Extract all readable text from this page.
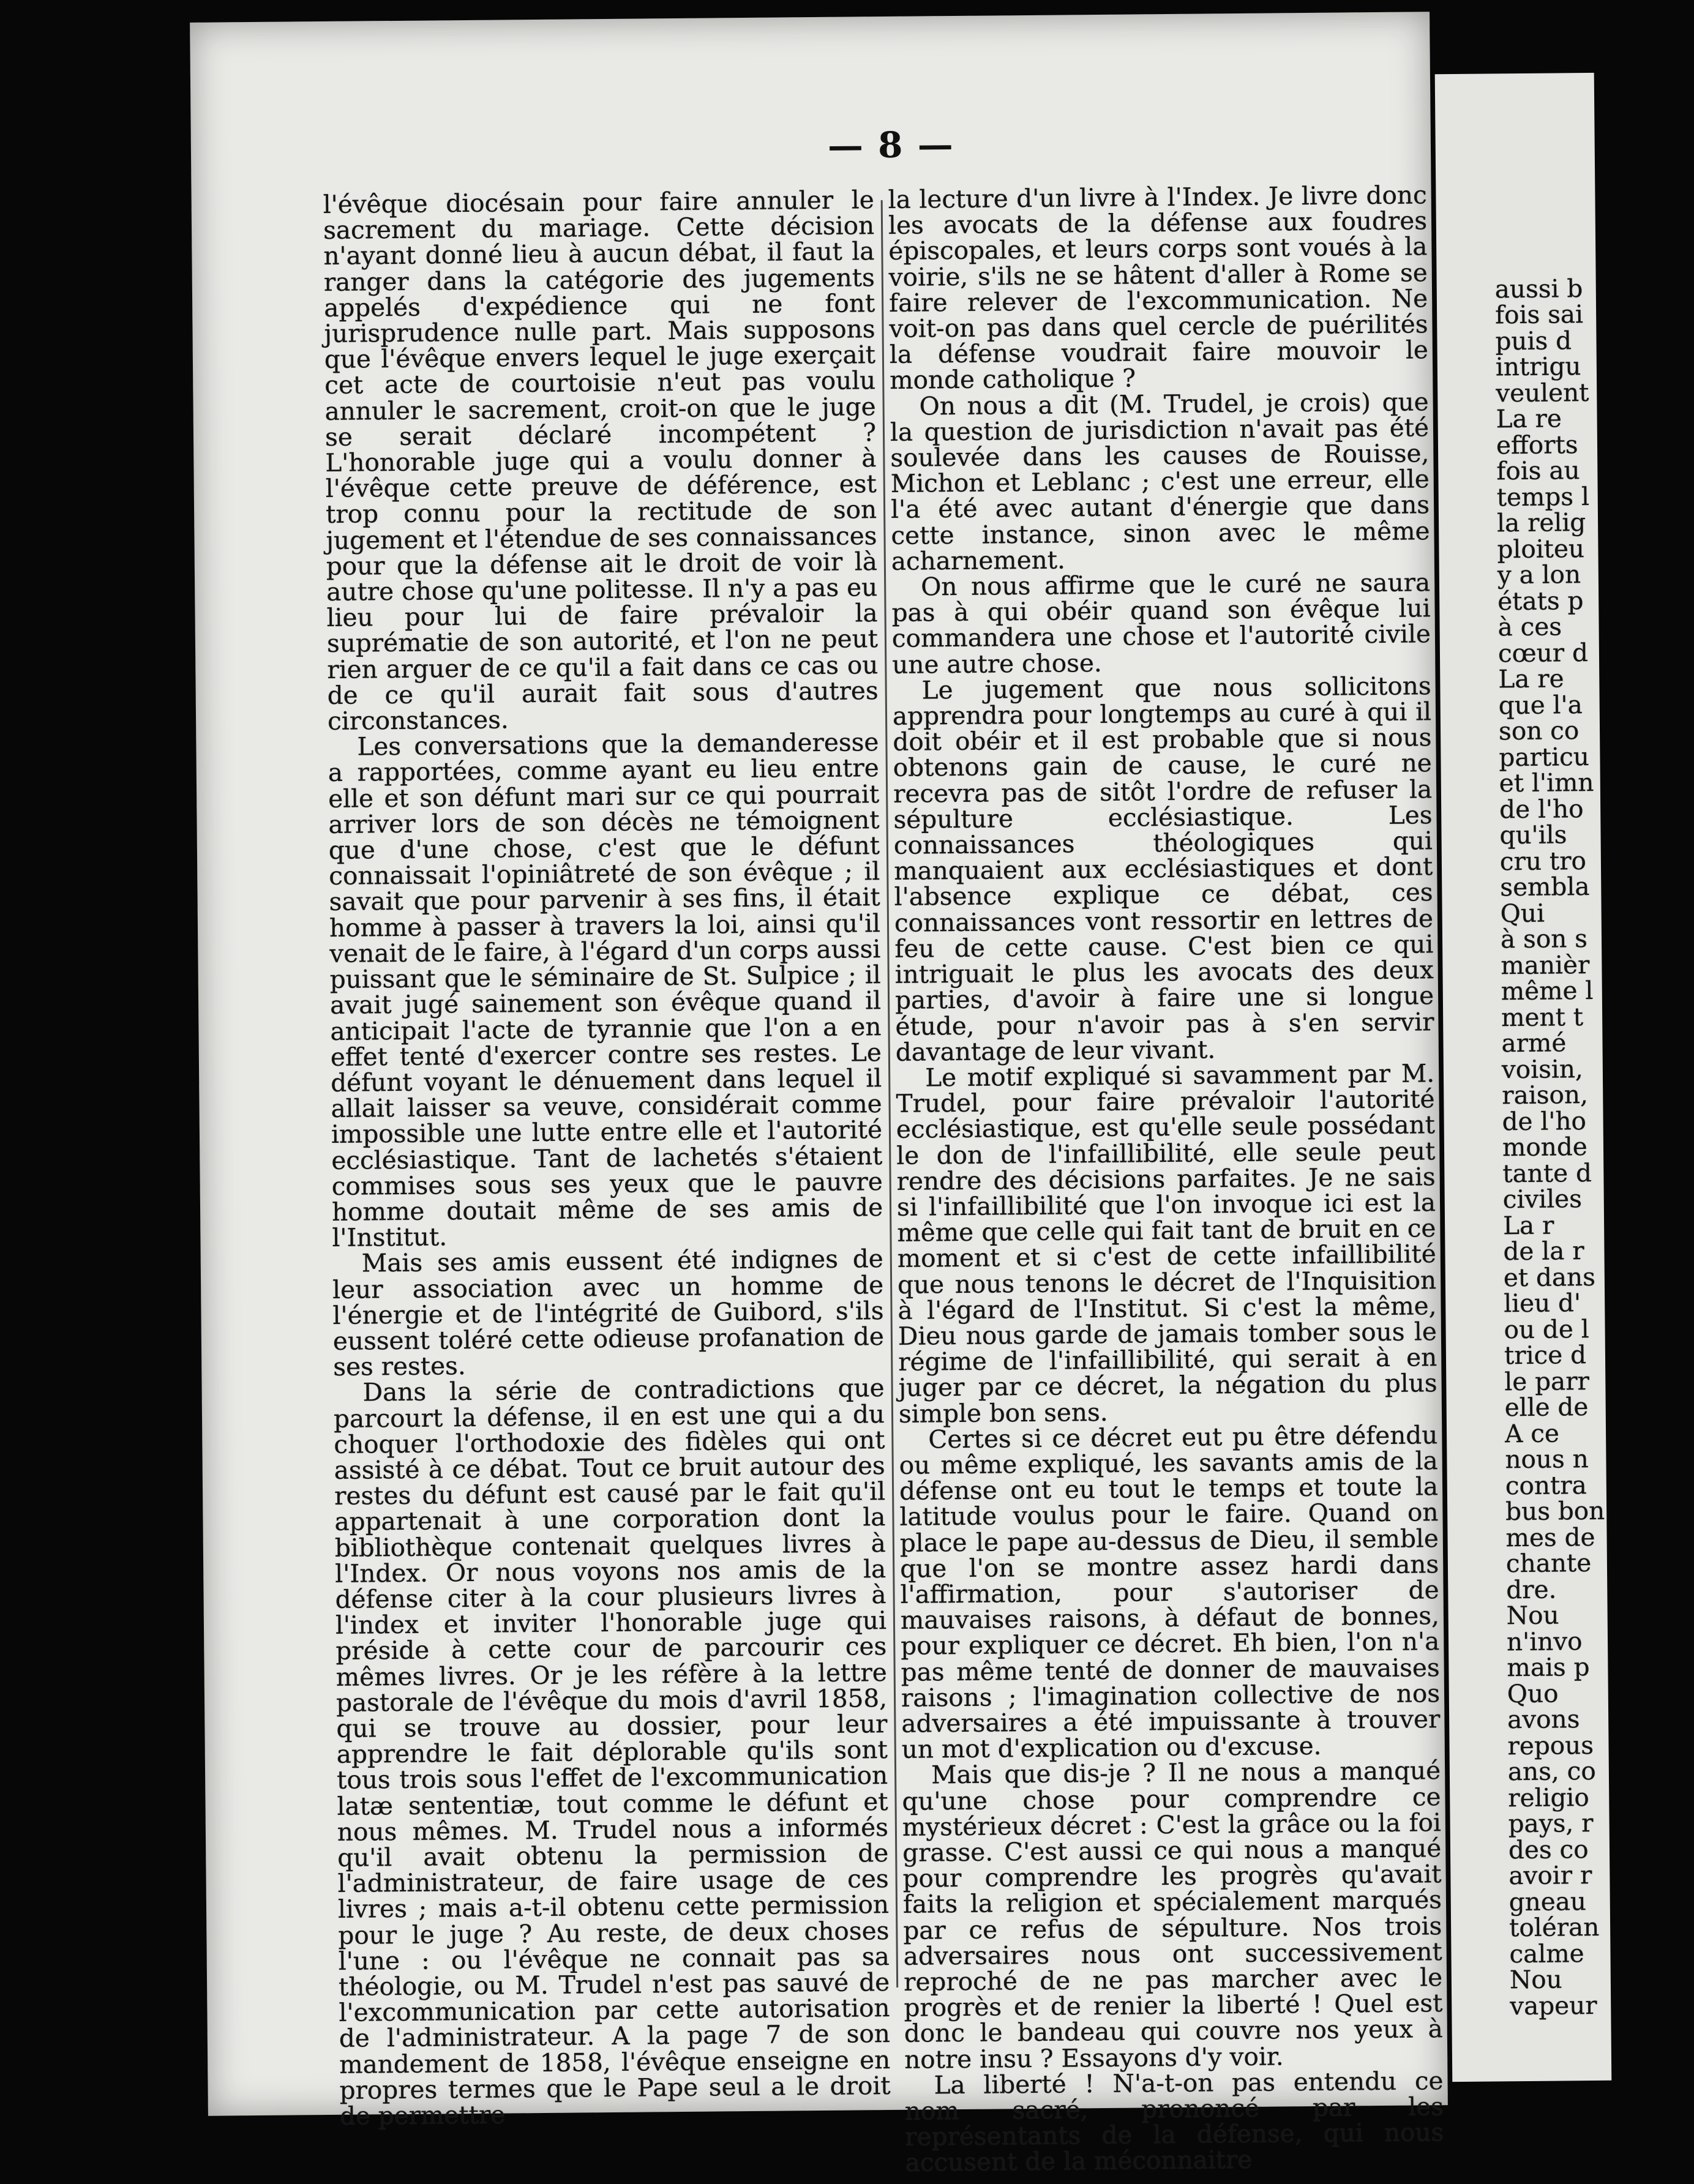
— 8 —

l'évêque diocésain pour faire annuler le sacrement du mariage. Cette décision n'ayant donné lieu à aucun débat, il faut la ranger dans la catégorie des jugements appelés d'expédience qui ne font jurisprudence nulle part. Mais supposons que l'évêque envers lequel le juge exerçait cet acte de courtoisie n'eut pas voulu annuler le sacrement, croit-on que le juge se serait déclaré incompétent ? L'honorable juge qui a voulu donner à l'évêque cette preuve de déférence, est trop connu pour la rectitude de son jugement et l'étendue de ses connaissances pour que la défense ait le droit de voir là autre chose qu'une politesse. Il n'y a pas eu lieu pour lui de faire prévaloir la suprématie de son autorité, et l'on ne peut rien arguer de ce qu'il a fait dans ce cas ou de ce qu'il aurait fait sous d'autres circonstances.

Les conversations que la demanderesse a rapportées, comme ayant eu lieu entre elle et son défunt mari sur ce qui pourrait arriver lors de son décès ne témoignent que d'une chose, c'est que le défunt connaissait l'opiniâtreté de son évêque ; il savait que pour parvenir à ses fins, il était homme à passer à travers la loi, ainsi qu'il venait de le faire, à l'égard d'un corps aussi puissant que le séminaire de St. Sulpice ; il avait jugé sainement son évêque quand il anticipait l'acte de tyrannie que l'on a en effet tenté d'exercer contre ses restes. Le défunt voyant le dénuement dans lequel il allait laisser sa veuve, considérait comme impossible une lutte entre elle et l'autorité ecclésiastique. Tant de lachetés s'étaient commises sous ses yeux que le pauvre homme doutait même de ses amis de l'Institut.

Mais ses amis eussent été indignes de leur association avec un homme de l'énergie et de l'intégrité de Guibord, s'ils eussent toléré cette odieuse profanation de ses restes.

Dans la série de contradictions que parcourt la défense, il en est une qui a du choquer l'orthodoxie des fidèles qui ont assisté à ce débat. Tout ce bruit autour des restes du défunt est causé par le fait qu'il appartenait à une corporation dont la bibliothèque contenait quelques livres à l'Index. Or nous voyons nos amis de la défense citer à la cour plusieurs livres à l'index et inviter l'honorable juge qui préside à cette cour de parcourir ces mêmes livres. Or je les réfère à la lettre pastorale de l'évêque du mois d'avril 1858, qui se trouve au dossier, pour leur apprendre le fait déplorable qu'ils sont tous trois sous l'effet de l'excommunication latæ sententiæ, tout comme le défunt et nous mêmes. M. Trudel nous a informés qu'il avait obtenu la permission de l'administrateur, de faire usage de ces livres ; mais a-t-il obtenu cette permission pour le juge ? Au reste, de deux choses l'une : ou l'évêque ne connait pas sa théologie, ou M. Trudel n'est pas sauvé de l'excommunication par cette autorisation de l'administrateur. A la page 7 de son mandement de 1858, l'évêque enseigne en propres termes que le Pape seul a le droit de permettre

la lecture d'un livre à l'Index. Je livre donc les avocats de la défense aux foudres épiscopales, et leurs corps sont voués à la voirie, s'ils ne se hâtent d'aller à Rome se faire relever de l'excommunication. Ne voit-on pas dans quel cercle de puérilités la défense voudrait faire mouvoir le monde catholique ?

On nous a dit (M. Trudel, je crois) que la question de jurisdiction n'avait pas été soulevée dans les causes de Rouisse, Michon et Leblanc ; c'est une erreur, elle l'a été avec autant d'énergie que dans cette instance, sinon avec le même acharnement.

On nous affirme que le curé ne saura pas à qui obéir quand son évêque lui commandera une chose et l'autorité civile une autre chose.

Le jugement que nous sollicitons apprendra pour longtemps au curé à qui il doit obéir et il est probable que si nous obtenons gain de cause, le curé ne recevra pas de sitôt l'ordre de refuser la sépulture ecclésiastique. Les connaissances théologiques qui manquaient aux ecclésiastiques et dont l'absence explique ce débat, ces connaissances vont ressortir en lettres de feu de cette cause. C'est bien ce qui intriguait le plus les avocats des deux parties, d'avoir à faire une si longue étude, pour n'avoir pas à s'en servir davantage de leur vivant.

Le motif expliqué si savamment par M. Trudel, pour faire prévaloir l'autorité ecclésiastique, est qu'elle seule possédant le don de l'infaillibilité, elle seule peut rendre des décisions parfaites. Je ne sais si l'infaillibilité que l'on invoque ici est la même que celle qui fait tant de bruit en ce moment et si c'est de cette infaillibilité que nous tenons le décret de l'Inquisition à l'égard de l'Institut. Si c'est la même, Dieu nous garde de jamais tomber sous le régime de l'infaillibilité, qui serait à en juger par ce décret, la négation du plus simple bon sens.

Certes si ce décret eut pu être défendu ou même expliqué, les savants amis de la défense ont eu tout le temps et toute la latitude voulus pour le faire. Quand on place le pape au-dessus de Dieu, il semble que l'on se montre assez hardi dans l'affirmation, pour s'autoriser de mauvaises raisons, à défaut de bonnes, pour expliquer ce décret. Eh bien, l'on n'a pas même tenté de donner de mauvaises raisons ; l'imagination collective de nos adversaires a été impuissante à trouver un mot d'explication ou d'excuse.

Mais que dis-je ? Il ne nous a manqué qu'une chose pour comprendre ce mystérieux décret : C'est la grâce ou la foi grasse. C'est aussi ce qui nous a manqué pour comprendre les progrès qu'avait faits la religion et spécialement marqués par ce refus de sépulture. Nos trois adversaires nous ont successivement reproché de ne pas marcher avec le progrès et de renier la liberté ! Quel est donc le bandeau qui couvre nos yeux à notre insu ? Essayons d'y voir.

La liberté ! N'a-t-on pas entendu ce nom sacré, prononcé par les représentants de la défense, qui nous accusent de la méconnaitre

aussi b
fois sai
puis d
intrigu
veulent
La re
efforts
fois au
temps l
la relig
ploiteu
y a lon
états p
à ces
cœur d
La re
que l'a
son co
particu
et l'imn
de l'ho
qu'ils
cru tro
sembla
Qui
à son s
manièr
même l
ment t
armé
voisin,
raison,
de l'ho
monde
tante d
civiles
La r
de la r
et dans
lieu d'
ou de l
trice d
le parr
elle de
A ce
nous n
contra
bus bon
mes de
chante
dre.
Nou
n'invo
mais p
Quo
avons
repous
ans, co
religio
pays, r
des co
avoir r
gneau
toléran
calme
Nou
vapeur
